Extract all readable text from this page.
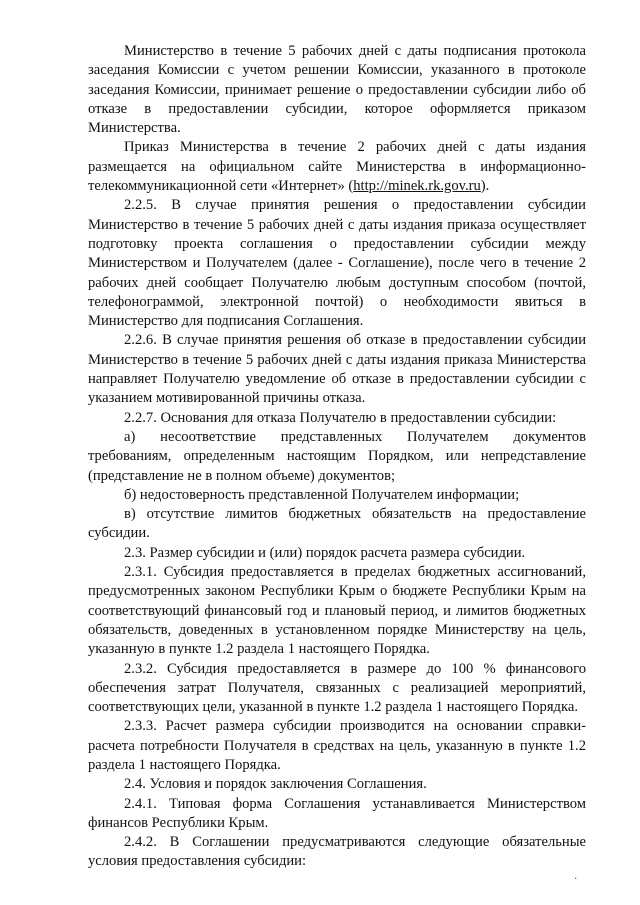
Министерство в течение 5 рабочих дней с даты подписания протокола заседания Комиссии с учетом решении Комиссии, указанного в протоколе заседания Комиссии, принимает решение о предоставлении субсидии либо об отказе в предоставлении субсидии, которое оформляется приказом Министерства.

Приказ Министерства в течение 2 рабочих дней с даты издания размещается на официальном сайте Министерства в информационно-телекоммуникационной сети «Интернет» (http://minek.rk.gov.ru).

2.2.5. В случае принятия решения о предоставлении субсидии Министерство в течение 5 рабочих дней с даты издания приказа осуществляет подготовку проекта соглашения о предоставлении субсидии между Министерством и Получателем (далее - Соглашение), после чего в течение 2 рабочих дней сообщает Получателю любым доступным способом (почтой, телефонограммой, электронной почтой) о необходимости явиться в Министерство для подписания Соглашения.

2.2.6. В случае принятия решения об отказе в предоставлении субсидии Министерство в течение 5 рабочих дней с даты издания приказа Министерства направляет Получателю уведомление об отказе в предоставлении субсидии с указанием мотивированной причины отказа.

2.2.7. Основания для отказа Получателю в предоставлении субсидии:

а) несоответствие представленных Получателем документов требованиям, определенным настоящим Порядком, или непредставление (представление не в полном объеме) документов;

б) недостоверность представленной Получателем информации;

в) отсутствие лимитов бюджетных обязательств на предоставление субсидии.

2.3. Размер субсидии и (или) порядок расчета размера субсидии.

2.3.1. Субсидия предоставляется в пределах бюджетных ассигнований, предусмотренных законом Республики Крым о бюджете Республики Крым на соответствующий финансовый год и плановый период, и лимитов бюджетных обязательств, доведенных в установленном порядке Министерству на цель, указанную в пункте 1.2 раздела 1 настоящего Порядка.

2.3.2. Субсидия предоставляется в размере до 100 % финансового обеспечения затрат Получателя, связанных с реализацией мероприятий, соответствующих цели, указанной в пункте 1.2 раздела 1 настоящего Порядка.

2.3.3. Расчет размера субсидии производится на основании справки-расчета потребности Получателя в средствах на цель, указанную в пункте 1.2 раздела 1 настоящего Порядка.

2.4. Условия и порядок заключения Соглашения.

2.4.1. Типовая форма Соглашения устанавливается Министерством финансов Республики Крым.

2.4.2. В Соглашении предусматриваются следующие обязательные условия предоставления субсидии:

·
